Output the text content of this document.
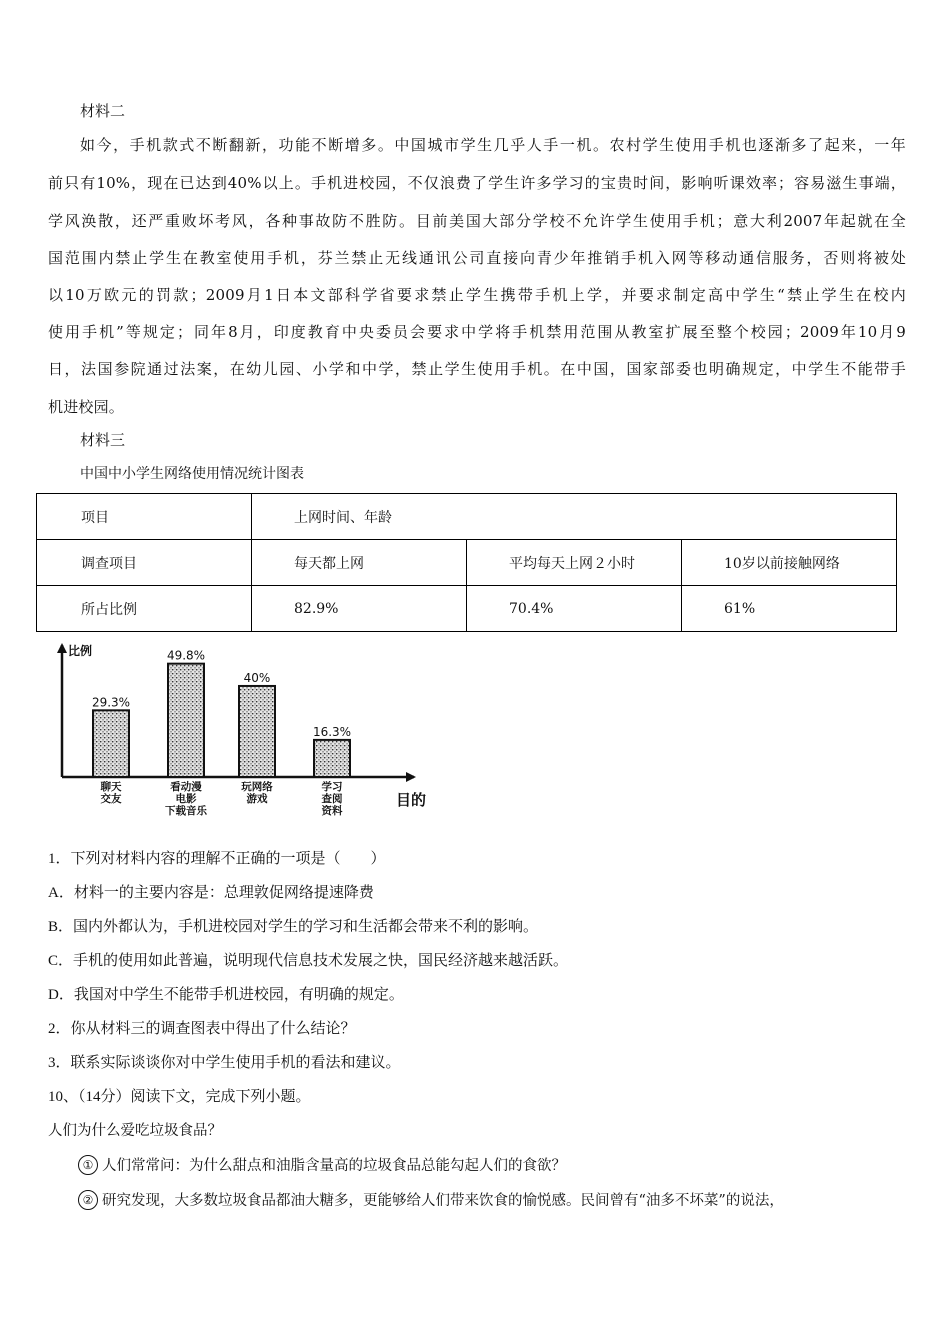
材料二
如今，手机款式不断翻新，功能不断增多。中国城市学生几乎人手一机。农村学生使用手机也逐渐多了起来，一年
前只有10%，现在已达到40%以上。手机进校园，不仅浪费了学生许多学习的宝贵时间，影响听课效率；容易滋生事端，
学风涣散，还严重败坏考风，各种事故防不胜防。目前美国大部分学校不允许学生使用手机；意大利2007年起就在全
国范围内禁止学生在教室使用手机，芬兰禁止无线通讯公司直接向青少年推销手机入网等移动通信服务，否则将被处
以10万欧元的罚款；2009月1日本文部科学省要求禁止学生携带手机上学，并要求制定高中学生“禁止学生在校内
使用手机”等规定；同年8月，印度教育中央委员会要求中学将手机禁用范围从教室扩展至整个校园；2009年10月9
日，法国参院通过法案，在幼儿园、小学和中学，禁止学生使用手机。在中国，国家部委也明确规定，中学生不能带手
机进校园。
材料三
中国中小学生网络使用情况统计图表
项目	上网时间、年龄		
调查项目	每天都上网	平均每天上网２小时	10岁以前接触网络
所占比例	82.9%	70.4%	61%
比例
目的
29.3%
聊天
交友
49.8%
看动漫
电影
下载音乐
40%
玩网络
游戏
16.3%
学习
查阅
资料
1．下列对材料内容的理解不正确的一项是（　　）
A．材料一的主要内容是：总理敦促网络提速降费
B．国内外都认为，手机进校园对学生的学习和生活都会带来不利的影响。
C．手机的使用如此普遍，说明现代信息技术发展之快，国民经济越来越活跃。
D．我国对中学生不能带手机进校园，有明确的规定。
2．你从材料三的调查图表中得出了什么结论？
3．联系实际谈谈你对中学生使用手机的看法和建议。
10、（14分）阅读下文，完成下列小题。
人们为什么爱吃垃圾食品？
① 人们常常问：为什么甜点和油脂含量高的垃圾食品总能勾起人们的食欲？
② 研究发现，大多数垃圾食品都油大糖多，更能够给人们带来饮食的愉悦感。民间曾有“油多不坏菜”的说法，
